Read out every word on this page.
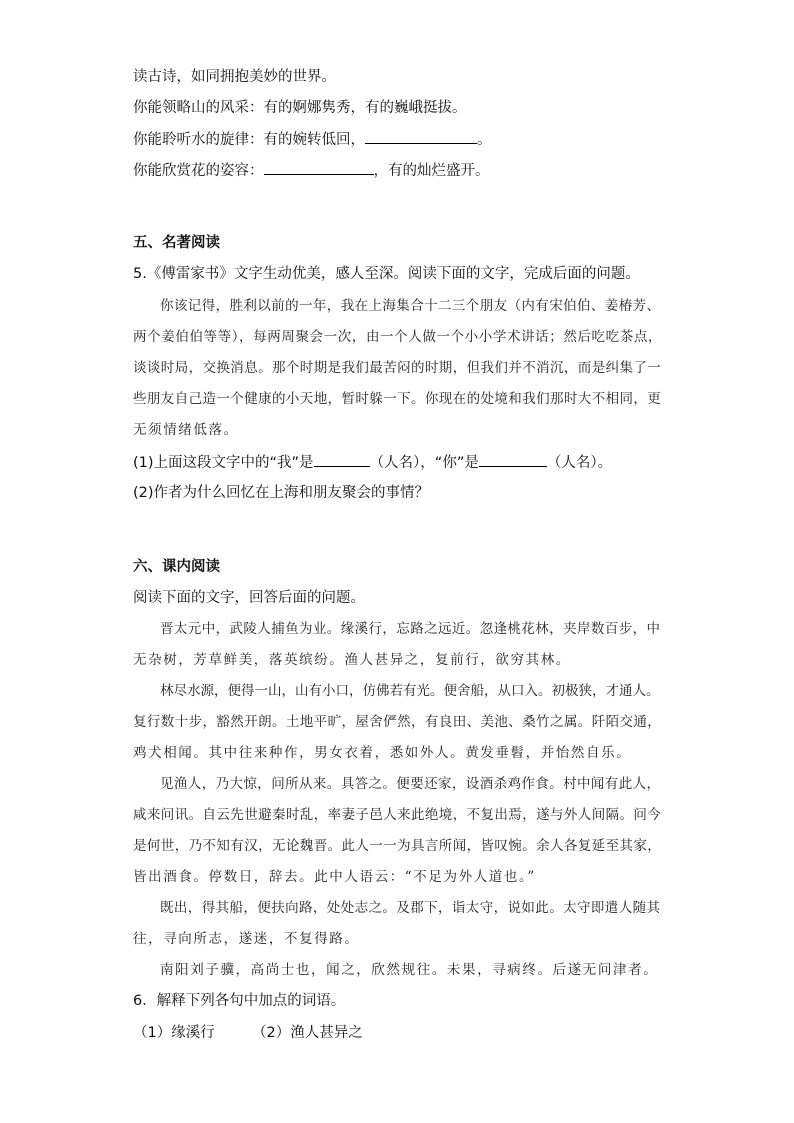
读古诗，如同拥抱美妙的世界。
你能领略山的风采：有的婀娜隽秀，有的巍峨挺拔。
你能聆听水的旋律：有的婉转低回，	。
你能欣赏花的姿容：	，有的灿烂盛开。
五、名著阅读
5.《傅雷家书》文字生动优美，感人至深。阅读下面的文字，完成后面的问题。
你该记得，胜利以前的一年，我在上海集合十二三个朋友（内有宋伯伯、姜椿芳、
两个姜伯伯等等），每两周聚会一次，由一个人做一个小小学术讲话；然后吃吃茶点，
谈谈时局，交换消息。那个时期是我们最苦闷的时期，但我们并不消沉，而是纠集了一
些朋友自己造一个健康的小天地，暂时躲一下。你现在的处境和我们那时大不相同，更
无须情绪低落。
(1)上面这段文字中的“我”是	（人名），“你”是	（人名）。
(2)作者为什么回忆在上海和朋友聚会的事情？
六、课内阅读
阅读下面的文字，回答后面的问题。
晋太元中，武陵人捕鱼为业。缘溪行，忘路之远近。忽逢桃花林，夹岸数百步，中
无杂树，芳草鲜美，落英缤纷。渔人甚异之，复前行，欲穷其林。
林尽水源，便得一山，山有小口，仿佛若有光。便舍船，从口入。初极狭，才通人。
复行数十步，豁然开朗。土地平旷，屋舍俨然，有良田、美池、桑竹之属。阡陌交通，
鸡犬相闻。其中往来种作，男女衣着，悉如外人。黄发垂髫，并怡然自乐。
见渔人，乃大惊，问所从来。具答之。便要还家，设酒杀鸡作食。村中闻有此人，
咸来问讯。自云先世避秦时乱，率妻子邑人来此绝境，不复出焉，遂与外人间隔。问今
是何世，乃不知有汉，无论魏晋。此人一一为具言所闻，皆叹惋。余人各复延至其家，
皆出酒食。停数日，辞去。此中人语云：“不足为外人道也。”
既出，得其船，便扶向路，处处志之。及郡下，诣太守，说如此。太守即遣人随其
往，寻向所志，遂迷，不复得路。
南阳刘子骥，高尚士也，闻之，欣然规往。未果，寻病终。后遂无问津者。
6．解释下列各句中加点的词语。
（1）缘溪行	（2）渔人甚异之
